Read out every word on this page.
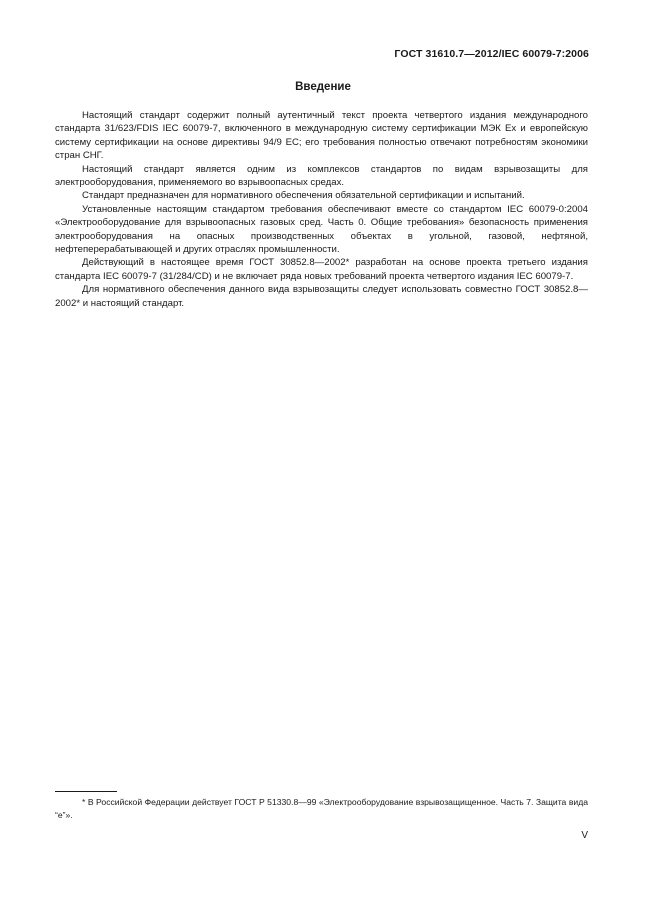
ГОСТ 31610.7—2012/IEC 60079-7:2006
Введение

Настоящий стандарт содержит полный аутентичный текст проекта четвертого издания международного стандарта 31/623/FDIS IEC 60079-7, включенного в международную систему сертификации МЭК Ex и европейскую систему сертификации на основе директивы 94/9 ЕС; его требования полностью отвечают потребностям экономики стран СНГ.

Настоящий стандарт является одним из комплексов стандартов по видам взрывозащиты для электрооборудования, применяемого во взрывоопасных средах.

Стандарт предназначен для нормативного обеспечения обязательной сертификации и испытаний.

Установленные настоящим стандартом требования обеспечивают вместе со стандартом IEC 60079-0:2004 «Электрооборудование для взрывоопасных газовых сред. Часть 0. Общие требования» безопасность применения электрооборудования на опасных производственных объектах в угольной, газовой, нефтяной, нефтеперерабатывающей и других отраслях промышленности.

Действующий в настоящее время ГОСТ 30852.8—2002* разработан на основе проекта третьего издания стандарта IEC 60079-7 (31/284/CD) и не включает ряда новых требований проекта четвертого издания IEC 60079-7.

Для нормативного обеспечения данного вида взрывозащиты следует использовать совместно ГОСТ 30852.8—2002* и настоящий стандарт.

* В Российской Федерации действует ГОСТ Р 51330.8—99 «Электрооборудование взрывозащищенное. Часть 7. Защита вида “e”».

V
